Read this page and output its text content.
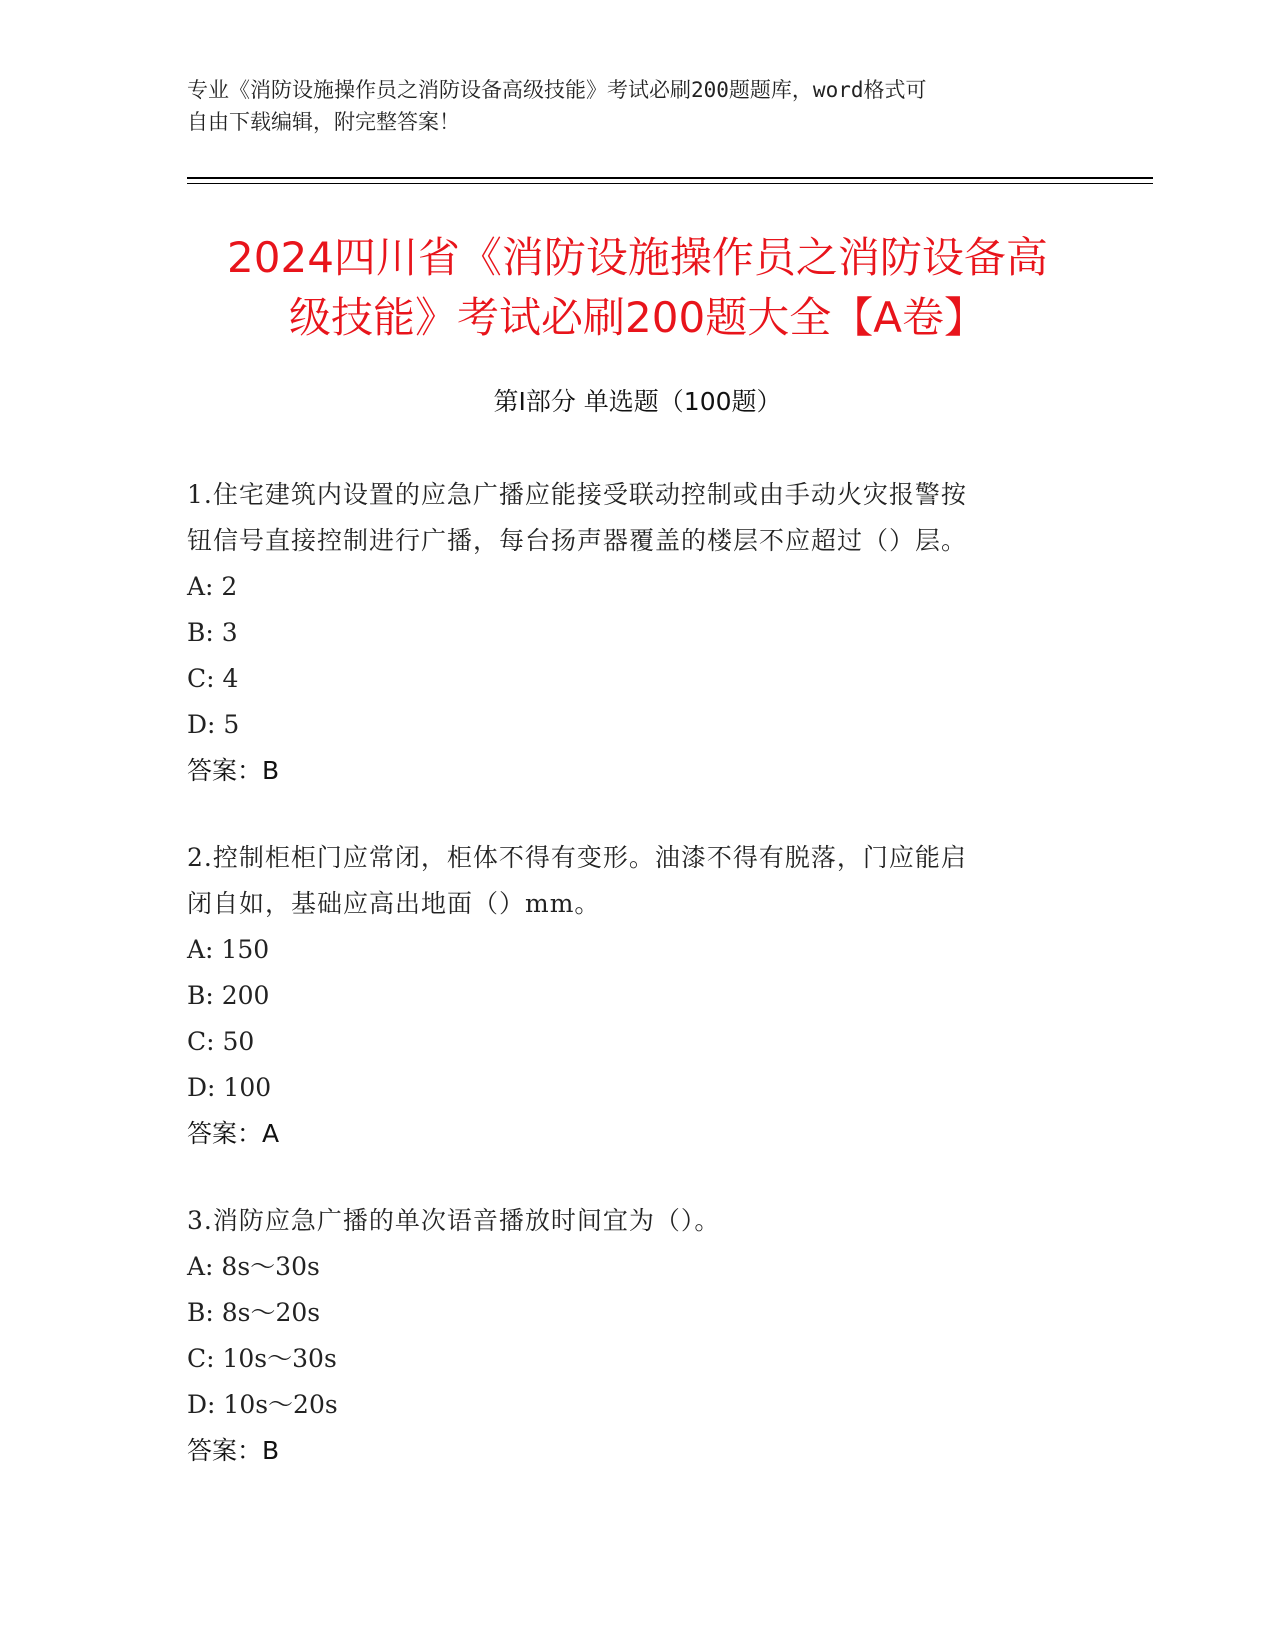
专业《消防设施操作员之消防设备高级技能》考试必刷200题题库，word格式可
自由下载编辑，附完整答案！
2024四川省《消防设施操作员之消防设备高
级技能》考试必刷200题大全【A卷】
第Ⅰ部分 单选题（100题）
1.住宅建筑内设置的应急广播应能接受联动控制或由手动火灾报警按
钮信号直接控制进行广播，每台扬声器覆盖的楼层不应超过（）层。
A: 2
B: 3
C: 4
D: 5
答案：B
2.控制柜柜门应常闭，柜体不得有变形。油漆不得有脱落，门应能启
闭自如，基础应高出地面（）mm。
A: 150
B: 200
C: 50
D: 100
答案：A
3.消防应急广播的单次语音播放时间宜为（）。
A: 8s～30s
B: 8s～20s
C: 10s～30s
D: 10s～20s
答案：B
